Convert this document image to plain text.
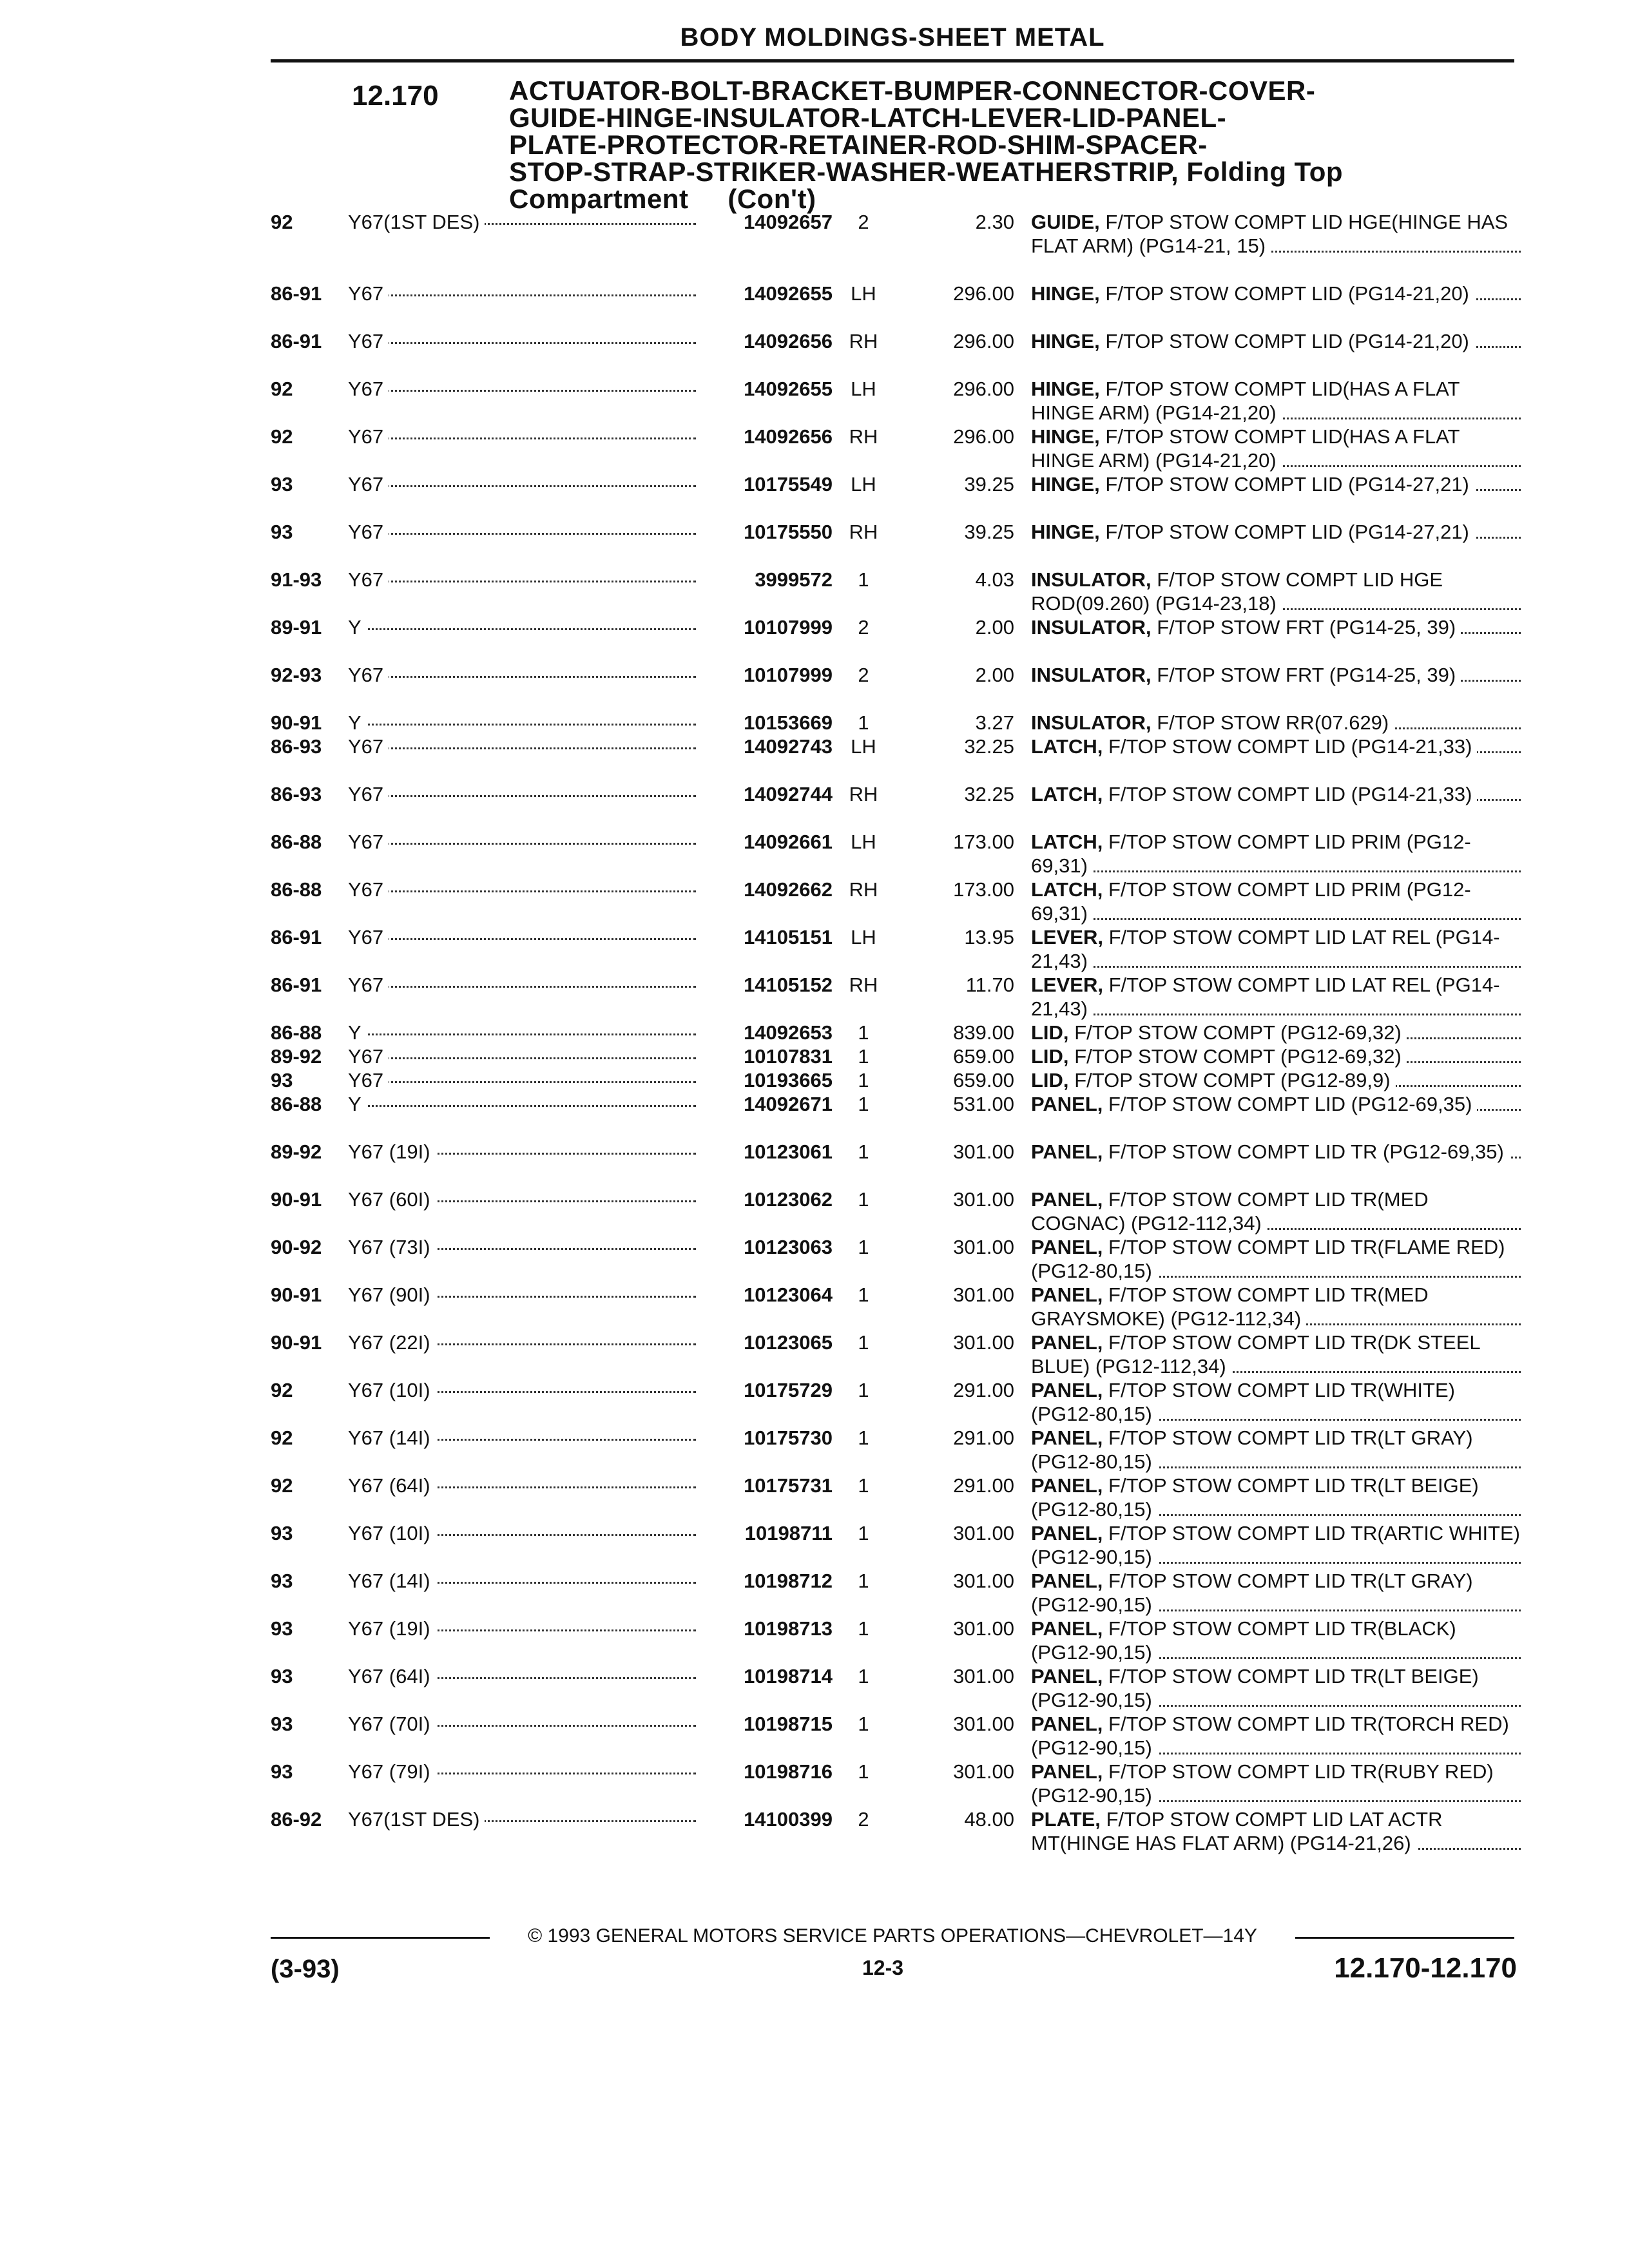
BODY MOLDINGS-SHEET METAL
12.170	ACTUATOR-BOLT-BRACKET-BUMPER-CONNECTOR-COVER-
GUIDE-HINGE-INSULATOR-LATCH-LEVER-LID-PANEL-
PLATE-PROTECTOR-RETAINER-ROD-SHIM-SPACER-
STOP-STRAP-STRIKER-WASHER-WEATHERSTRIP, Folding Top
Compartment     (Con't)
92	Y67(1ST DES)	14092657	2	2.30 GUIDE, F/TOP STOW COMPT LID HGE(HINGE HAS FLAT ARM) (PG14-21, 15)
86-91	Y67	14092655 LH	296.00 HINGE, F/TOP STOW COMPT LID (PG14-21,20)
86-91	Y67	14092656 RH	296.00 HINGE, F/TOP STOW COMPT LID (PG14-21,20)
92	Y67	14092655 LH	296.00 HINGE, F/TOP STOW COMPT LID(HAS A FLAT HINGE ARM) (PG14-21,20)
92	Y67	14092656 RH	296.00 HINGE, F/TOP STOW COMPT LID(HAS A FLAT HINGE ARM) (PG14-21,20)
93	Y67	10175549 LH	39.25 HINGE, F/TOP STOW COMPT LID (PG14-27,21)
93	Y67	10175550 RH	39.25 HINGE, F/TOP STOW COMPT LID (PG14-27,21)
91-93	Y67	3999572	1	4.03 INSULATOR, F/TOP STOW COMPT LID HGE ROD(09.260) (PG14-23,18)
89-91	Y	10107999	2	2.00 INSULATOR, F/TOP STOW FRT (PG14-25, 39)
92-93	Y67	10107999	2	2.00 INSULATOR, F/TOP STOW FRT (PG14-25, 39)
90-91	Y	10153669	1	3.27 INSULATOR, F/TOP STOW RR(07.629)
86-93	Y67	14092743 LH	32.25 LATCH, F/TOP STOW COMPT LID (PG14-21,33)
86-93	Y67	14092744 RH	32.25 LATCH, F/TOP STOW COMPT LID (PG14-21,33)
86-88	Y67	14092661 LH	173.00 LATCH, F/TOP STOW COMPT LID PRIM (PG12-69,31)
86-88	Y67	14092662 RH	173.00 LATCH, F/TOP STOW COMPT LID PRIM (PG12-69,31)
86-91	Y67	14105151 LH	13.95 LEVER, F/TOP STOW COMPT LID LAT REL (PG14-21,43)
86-91	Y67	14105152 RH	11.70 LEVER, F/TOP STOW COMPT LID LAT REL (PG14-21,43)
86-88	Y	14092653	1	839.00 LID, F/TOP STOW COMPT (PG12-69,32)
89-92	Y67	10107831	1	659.00 LID, F/TOP STOW COMPT (PG12-69,32)
93	Y67	10193665	1	659.00 LID, F/TOP STOW COMPT (PG12-89,9)
86-88	Y	14092671	1	531.00 PANEL, F/TOP STOW COMPT LID (PG12-69,35)
89-92	Y67 (19I)	10123061	1	301.00 PANEL, F/TOP STOW COMPT LID TR (PG12-69,35)
90-91	Y67 (60I)	10123062	1	301.00 PANEL, F/TOP STOW COMPT LID TR(MED COGNAC) (PG12-112,34)
90-92	Y67 (73I)	10123063	1	301.00 PANEL, F/TOP STOW COMPT LID TR(FLAME RED) (PG12-80,15)
90-91	Y67 (90I)	10123064	1	301.00 PANEL, F/TOP STOW COMPT LID TR(MED GRAYSMOKE) (PG12-112,34)
90-91	Y67 (22I)	10123065	1	301.00 PANEL, F/TOP STOW COMPT LID TR(DK STEEL BLUE) (PG12-112,34)
92	Y67 (10I)	10175729	1	291.00 PANEL, F/TOP STOW COMPT LID TR(WHITE) (PG12-80,15)
92	Y67 (14I)	10175730	1	291.00 PANEL, F/TOP STOW COMPT LID TR(LT GRAY) (PG12-80,15)
92	Y67 (64I)	10175731	1	291.00 PANEL, F/TOP STOW COMPT LID TR(LT BEIGE) (PG12-80,15)
93	Y67 (10I)	10198711	1	301.00 PANEL, F/TOP STOW COMPT LID TR(ARTIC WHITE) (PG12-90,15)
93	Y67 (14I)	10198712	1	301.00 PANEL, F/TOP STOW COMPT LID TR(LT GRAY) (PG12-90,15)
93	Y67 (19I)	10198713	1	301.00 PANEL, F/TOP STOW COMPT LID TR(BLACK) (PG12-90,15)
93	Y67 (64I)	10198714	1	301.00 PANEL, F/TOP STOW COMPT LID TR(LT BEIGE) (PG12-90,15)
93	Y67 (70I)	10198715	1	301.00 PANEL, F/TOP STOW COMPT LID TR(TORCH RED) (PG12-90,15)
93	Y67 (79I)	10198716	1	301.00 PANEL, F/TOP STOW COMPT LID TR(RUBY RED) (PG12-90,15)
86-92	Y67(1ST DES)	14100399	2	48.00 PLATE, F/TOP STOW COMPT LID LAT ACTR MT(HINGE HAS FLAT ARM) (PG14-21,26)
© 1993 GENERAL MOTORS SERVICE PARTS OPERATIONS—CHEVROLET—14Y
(3-93)	12-3	12.170-12.170
